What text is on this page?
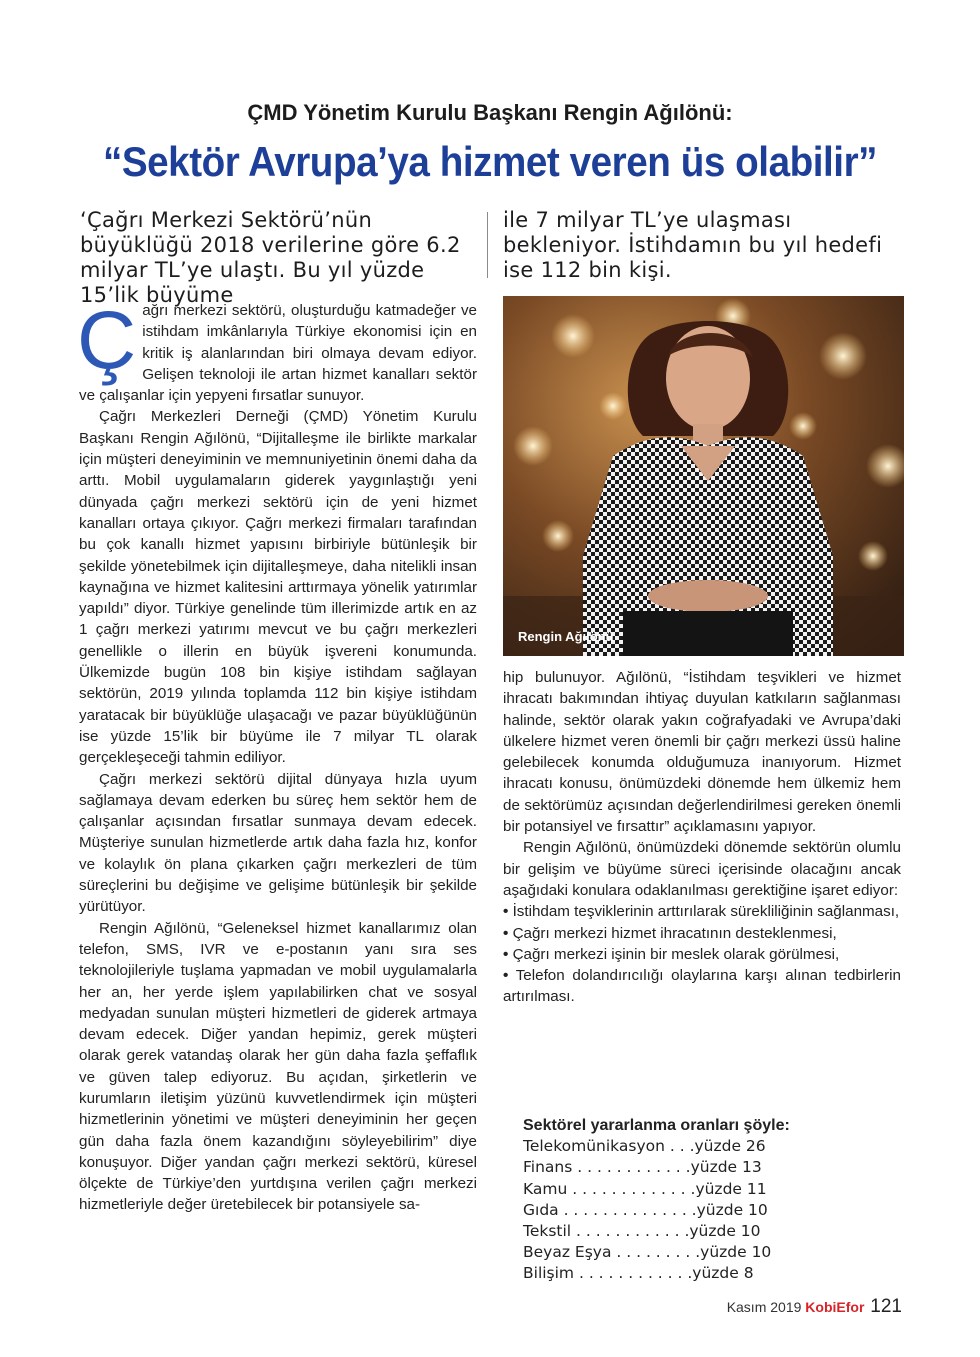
ÇMD Yönetim Kurulu Başkanı Rengin Ağılönü:
“Sektör Avrupa’ya hizmet veren üs olabilir”
‘Çağrı Merkezi Sektörü’nün büyüklüğü 2018 verilerine göre 6.2 milyar TL’ye ulaştı. Bu yıl yüzde 15’lik büyüme
ile 7 milyar TL’ye ulaşması bekleniyor. İstihdamın bu yıl hedefi ise 112 bin kişi.

Çağrı merkezi sektörü, oluşturduğu katmadeğer ve istihdam imkânlarıyla Türkiye ekonomisi için en kritik iş alanlarından biri olmaya devam ediyor. Gelişen teknoloji ile artan hizmet kanalları sektör ve çalışanlar için yepyeni fırsatlar sunuyor.

Çağrı Merkezleri Derneği (ÇMD) Yönetim Kurulu Başkanı Rengin Ağılönü, “Dijitalleşme ile birlikte markalar için müşteri deneyiminin ve memnuniyetinin önemi daha da arttı. Mobil uygulamaların giderek yaygınlaştığı yeni dünyada çağrı merkezi sektörü için de yeni hizmet kanalları ortaya çıkıyor. Çağrı merkezi firmaları tarafından bu çok kanallı hizmet yapısını birbiriyle bütünleşik bir şekilde yönetebilmek için dijitalleşmeye, daha nitelikli insan kaynağına ve hizmet kalitesini arttırmaya yönelik yatırımlar yapıldı” diyor. Türkiye genelinde tüm illerimizde artık en az 1 çağrı merkezi yatırımı mevcut ve bu çağrı merkezleri genellikle o illerin en büyük işvereni konumunda. Ülkemizde bugün 108 bin kişiye istihdam sağlayan sektörün, 2019 yılında toplamda 112 bin kişiye istihdam yaratacak bir büyüklüğe ulaşacağı ve pazar büyüklüğünün ise yüzde 15’lik bir büyüme ile 7 milyar TL olarak gerçekleşeceği tahmin ediliyor.

Çağrı merkezi sektörü dijital dünyaya hızla uyum sağlamaya devam ederken bu süreç hem sektör hem de çalışanlar açısından fırsatlar sunmaya devam edecek. Müşteriye sunulan hizmetlerde artık daha fazla hız, konfor ve kolaylık ön plana çıkarken çağrı merkezleri de tüm süreçlerini bu değişime ve gelişime bütünleşik bir şekilde yürütüyor.

Rengin Ağılönü, “Geleneksel hizmet kanallarımız olan telefon, SMS, IVR ve e-postanın yanı sıra ses teknolojileriyle tuşlama yapmadan ve mobil uygulamalarla her an, her yerde işlem yapılabilirken chat ve sosyal medyadan sunulan müşteri hizmetleri de giderek artmaya devam edecek. Diğer yandan hepimiz, gerek müşteri olarak gerek vatandaş olarak her gün daha fazla şeffaflık ve güven talep ediyoruz. Bu açıdan, şirketlerin ve kurumların iletişim yüzünü kuvvetlendirmek için müşteri hizmetlerinin yönetimi ve müşteri deneyiminin her geçen gün daha fazla önem kazandığını söyleyebilirim” diye konuşuyor. Diğer yandan çağrı merkezi sektörü, küresel ölçekte de Türkiye’den yurtdışına verilen çağrı merkezi hizmetleriyle değer üretebilecek bir potansiyele sa-

Rengin Ağılönü

hip bulunuyor. Ağılönü, “İstihdam teşvikleri ve hizmet ihracatı bakımından ihtiyaç duyulan katkıların sağlanması halinde, sektör olarak yakın coğrafyadaki ve Avrupa’daki ülkelere hizmet veren önemli bir çağrı merkezi üssü haline gelebilecek konumda olduğumuza inanıyorum. Hizmet ihracatı konusu, önümüzdeki dönemde hem ülkemiz hem de sektörümüz açısından değerlendirilmesi gereken önemli bir potansiyel ve fırsattır” açıklamasını yapıyor.

Rengin Ağılönü, önümüzdeki dönemde sektörün olumlu bir gelişim ve büyüme süreci içerisinde olacağını ancak aşağıdaki konulara odaklanılması gerektiğine işaret ediyor:

• İstihdam teşviklerinin arttırılarak sürekliliğinin sağlanması,
• Çağrı merkezi hizmet ihracatının desteklenmesi,
• Çağrı merkezi işinin bir meslek olarak görülmesi,
• Telefon dolandırıcılığı olaylarına karşı alınan tedbirlerin artırılması.
Sektörel yararlanma oranları şöyle:
Telekomünikasyon . . .yüzde 26
Finans . . . . . . . . . . . .yüzde 13
Kamu . . . . . . . . . . . . .yüzde 11
Gıda . . . . . . . . . . . . . .yüzde 10
Tekstil . . . . . . . . . . . .yüzde 10
Beyaz Eşya . . . . . . . . .yüzde 10
Bilişim . . . . . . . . . . . .yüzde 8
Kasım 2019 KobiEfor 121
